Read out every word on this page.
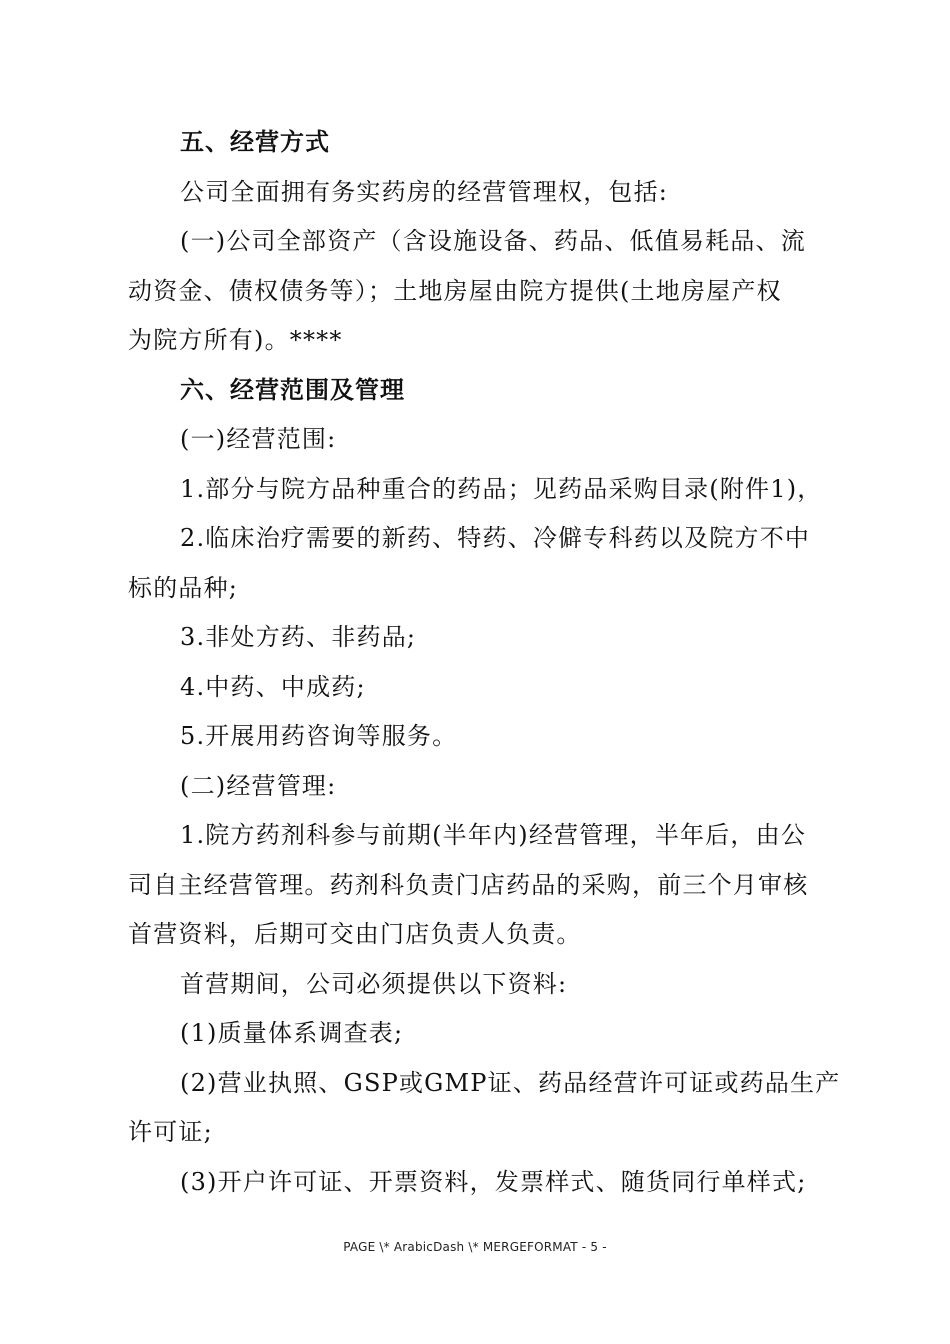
五、经营方式
公司全面拥有务实药房的经营管理权，包括:
(一)公司全部资产（含设施设备、药品、低值易耗品、流
动资金、债权债务等）；土地房屋由院方提供(土地房屋产权
为院方所有)。****
六、经营范围及管理
(一)经营范围:
1.部分与院方品种重合的药品；见药品采购目录(附件1)，
2.临床治疗需要的新药、特药、冷僻专科药以及院方不中
标的品种;
3.非处方药、非药品;
4.中药、中成药;
5.开展用药咨询等服务。
(二)经营管理:
1.院方药剂科参与前期(半年内)经营管理，半年后，由公
司自主经营管理。药剂科负责门店药品的采购，前三个月审核
首营资料，后期可交由门店负责人负责。
首营期间，公司必须提供以下资料:
(1)质量体系调查表;
(2)营业执照、GSP或GMP证、药品经营许可证或药品生产
许可证;
(3)开户许可证、开票资料，发票样式、随货同行单样式;
PAGE \* ArabicDash \* MERGEFORMAT - 5 -
